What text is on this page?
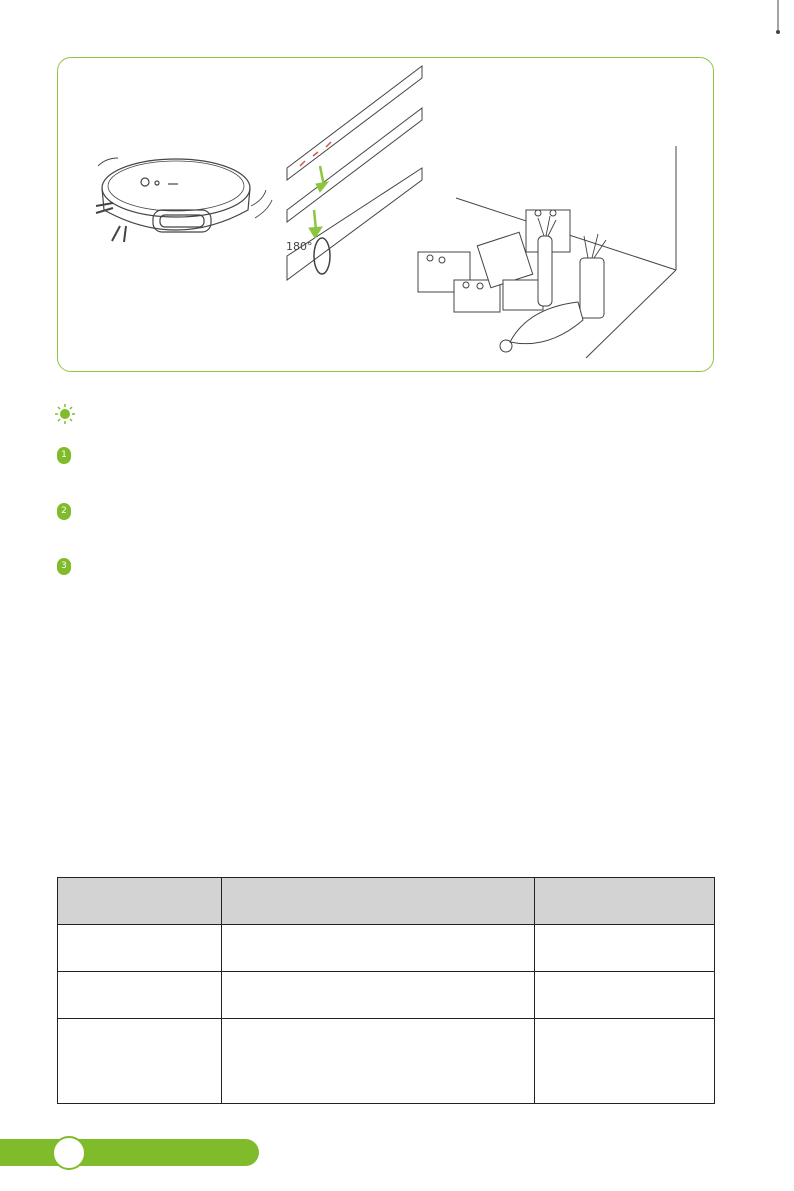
180°
1
2
3
